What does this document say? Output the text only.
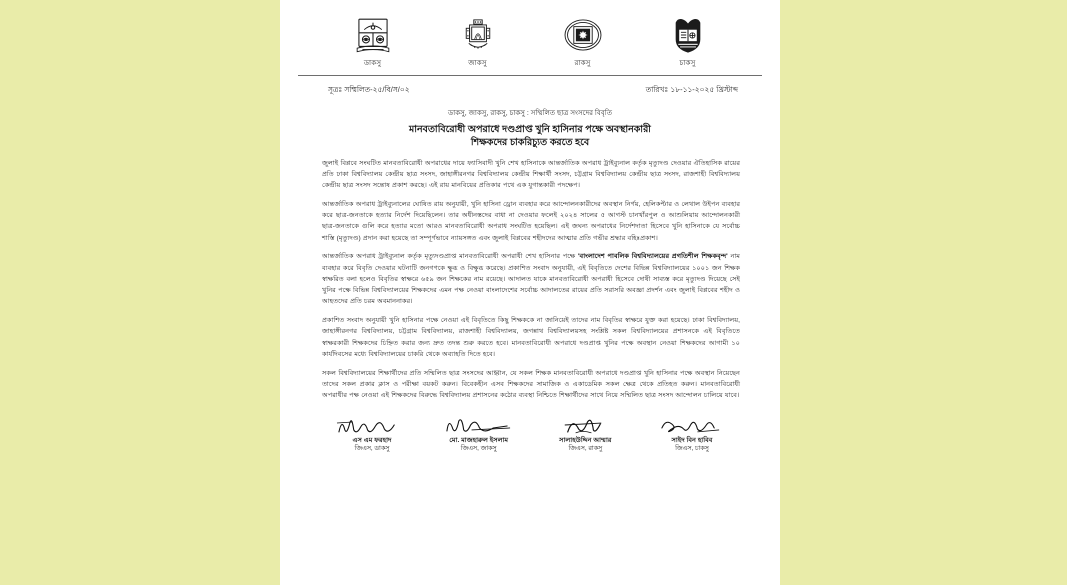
ডাকসু	জাকসু	রাকসু	চাকসু
সূত্রঃ সম্মিলিত-২৫/বি/স/০২	তারিখঃ ১৮-১১-২০২৫ খ্রিস্টাব্দ
ডাকসু, জাকসু, রাকসু, চাকসু : সম্মিলিত ছাত্র সংসদের বিবৃতি
মানবতাবিরোধী অপরাধে দণ্ডপ্রাপ্ত খুনি হাসিনার পক্ষে অবস্থানকারী
শিক্ষকদের চাকরিচ্যুত করতে হবে

জুলাই বিপ্লবে সংঘটিত মানবতাবিরোধী অপরাধের দায়ে ফ্যাসিবাদী খুনি শেখ হাসিনাকে আন্তর্জাতিক অপরাধ ট্রাইব্যুনাল কর্তৃক মৃত্যুদণ্ড দেওয়ার ঐতিহাসিক রায়ের প্রতি ঢাকা বিশ্ববিদ্যালয় কেন্দ্রীয় ছাত্র সংসদ, জাহাঙ্গীরনগর বিশ্ববিদ্যালয় কেন্দ্রীয় শিক্ষার্থী সংসদ, চট্টগ্রাম বিশ্ববিদ্যালয় কেন্দ্রীয় ছাত্র সংসদ, রাজশাহী বিশ্ববিদ্যালয় কেন্দ্রীয় ছাত্র সংসদ সন্তোষ প্রকাশ করছে। এই রায় মানবিয়ের প্রতিকার পথে এক যুগান্তকারী পদক্ষেপ।

আন্তর্জাতিক অপরাধ ট্রাইব্যুনালের ঘোষিত রায় অনুযায়ী, খুনি হাসিনা ড্রোন ব্যবহার করে আন্দোলনকারীদের অবস্থান নির্ণয়, হেলিকপ্টার ও লেথাল উইপন ব্যবহার করে ছাত্র-জনতাকে হত্যার নির্দেশ দিয়েছিলেন। তার অধীনস্তদের বাধা না দেওয়ার ফলেই ২০২৪ সালের ৫ আগস্ট চানখাঁরপুল ও আশুলিয়ায় আন্দোলনকারী ছাত্র-জনতাকে গুলি করে হত্যার মতো আরও মানবতাবিরোধী অপরাধ সংঘটিত হয়েছিল। এই জঘন্য অপরাধের নির্দেশদাতা হিসেবে খুনি হাসিনাকে যে সর্বোচ্চ শাস্তি (মৃত্যুদণ্ড) প্রদান করা হয়েছে তা সম্পূর্ণভাবে ন্যায়সঙ্গত এবং জুলাই বিপ্লবের শহীদদের আত্মার প্রতি গভীর শ্রদ্ধার বহিঃপ্রকাশ।

আন্তর্জাতিক অপরাধ ট্রাইব্যুনাল কর্তৃক মৃত্যুদণ্ডপ্রাপ্ত মানবতাবিরোধী অপরাধী শেখ হাসিনার পক্ষে 'বাংলাদেশ পাবলিক বিশ্ববিদ্যালয়ের প্রগতিশীল শিক্ষকবৃন্দ' নাম ব্যবহার করে বিবৃতি দেওয়ার ঘটনাটি জনগণকে ক্ষুব্ধ ও বিক্ষুব্ধ করেছে। প্রকাশিত সংবাদ অনুযায়ী, এই বিবৃতিতে দেশের বিভিন্ন বিশ্ববিদ্যালয়ের ১০০১ জন শিক্ষক স্বাক্ষরিত বলা হলেও বিবৃতির স্বাক্ষরে ৬৫৯ জন শিক্ষকের নাম রয়েছে। আদালত যাকে মানবতাবিরোধী অপরাধী হিসেবে দোষী সাব্যস্ত করে মৃত্যুদণ্ড দিয়েছে সেই খুনির পক্ষে বিভিন্ন বিশ্ববিদ্যালয়ের শিক্ষকদের এমন পক্ষ নেওয়া বাংলাদেশের সর্বোচ্চ আদালতের রায়ের প্রতি সরাসরি অবজ্ঞা প্রদর্শন এবং জুলাই বিপ্লবের শহীদ ও আহতদের প্রতি চরম অবমাননাকর।

প্রকাশিত সংবাদ অনুযায়ী খুনি হাসিনার পক্ষে নেওয়া এই বিবৃতিতে কিছু শিক্ষককে না জানিয়েই তাদের নাম বিবৃতির স্বাক্ষরে যুক্ত করা হয়েছে। ঢাকা বিশ্ববিদ্যালয়, জাহাঙ্গীরনগর বিশ্ববিদ্যালয়, চট্টগ্রাম বিশ্ববিদ্যালয়, রাজশাহী বিশ্ববিদ্যালয়, জগন্নাথ বিশ্ববিদ্যালয়সহ সংশ্লিষ্ট সকল বিশ্ববিদ্যালয়ের প্রশাসনকে এই বিবৃতিতে স্বাক্ষরকারী শিক্ষকদের চিহ্নিত করার জন্য দ্রুত তদন্ত শুরু করতে হবে। মানবতাবিরোধী অপরাধে দণ্ডপ্রাপ্ত খুনির পক্ষে অবস্থান নেওয়া শিক্ষকদের আগামী ১০ কার্যদিবসের মধ্যে বিশ্ববিদ্যালয়ের চাকরি থেকে অব্যাহতি দিতে হবে।

সকল বিশ্ববিদ্যালয়ের শিক্ষার্থীদের প্রতি সম্মিলিত ছাত্র সংসদের আহ্বান, যে সকল শিক্ষক মানবতাবিরোধী অপরাধে দণ্ডপ্রাপ্ত খুনি হাসিনার পক্ষে অবস্থান নিয়েছেন তাদের সকল প্রকার ক্লাস ও পরীক্ষা বয়কট করুন। বিবেকহীন এসব শিক্ষকদের সামাজিক ও একাডেমিক সকল ক্ষেত্র থেকে প্রতিহত করুন। মানবতাবিরোধী অপরাধীর পক্ষ নেওয়া এই শিক্ষকদের বিরুদ্ধে বিশ্ববিদ্যালয় প্রশাসনের কঠোর ব্যবস্থা নিশ্চিতে শিক্ষার্থীদের সাথে নিয়ে সম্মিলিত ছাত্র সংসদ আন্দোলন চালিয়ে যাবে।

এস এম ফরহাদ
জিএস, ডাকসু
মো. মাজহারুল ইসলাম
জিএস, জাকসু
সালাহউদ্দিন আম্মার
জিএস, রাকসু
সাইদ বিন হাবিব
জিএস, চাকসু
